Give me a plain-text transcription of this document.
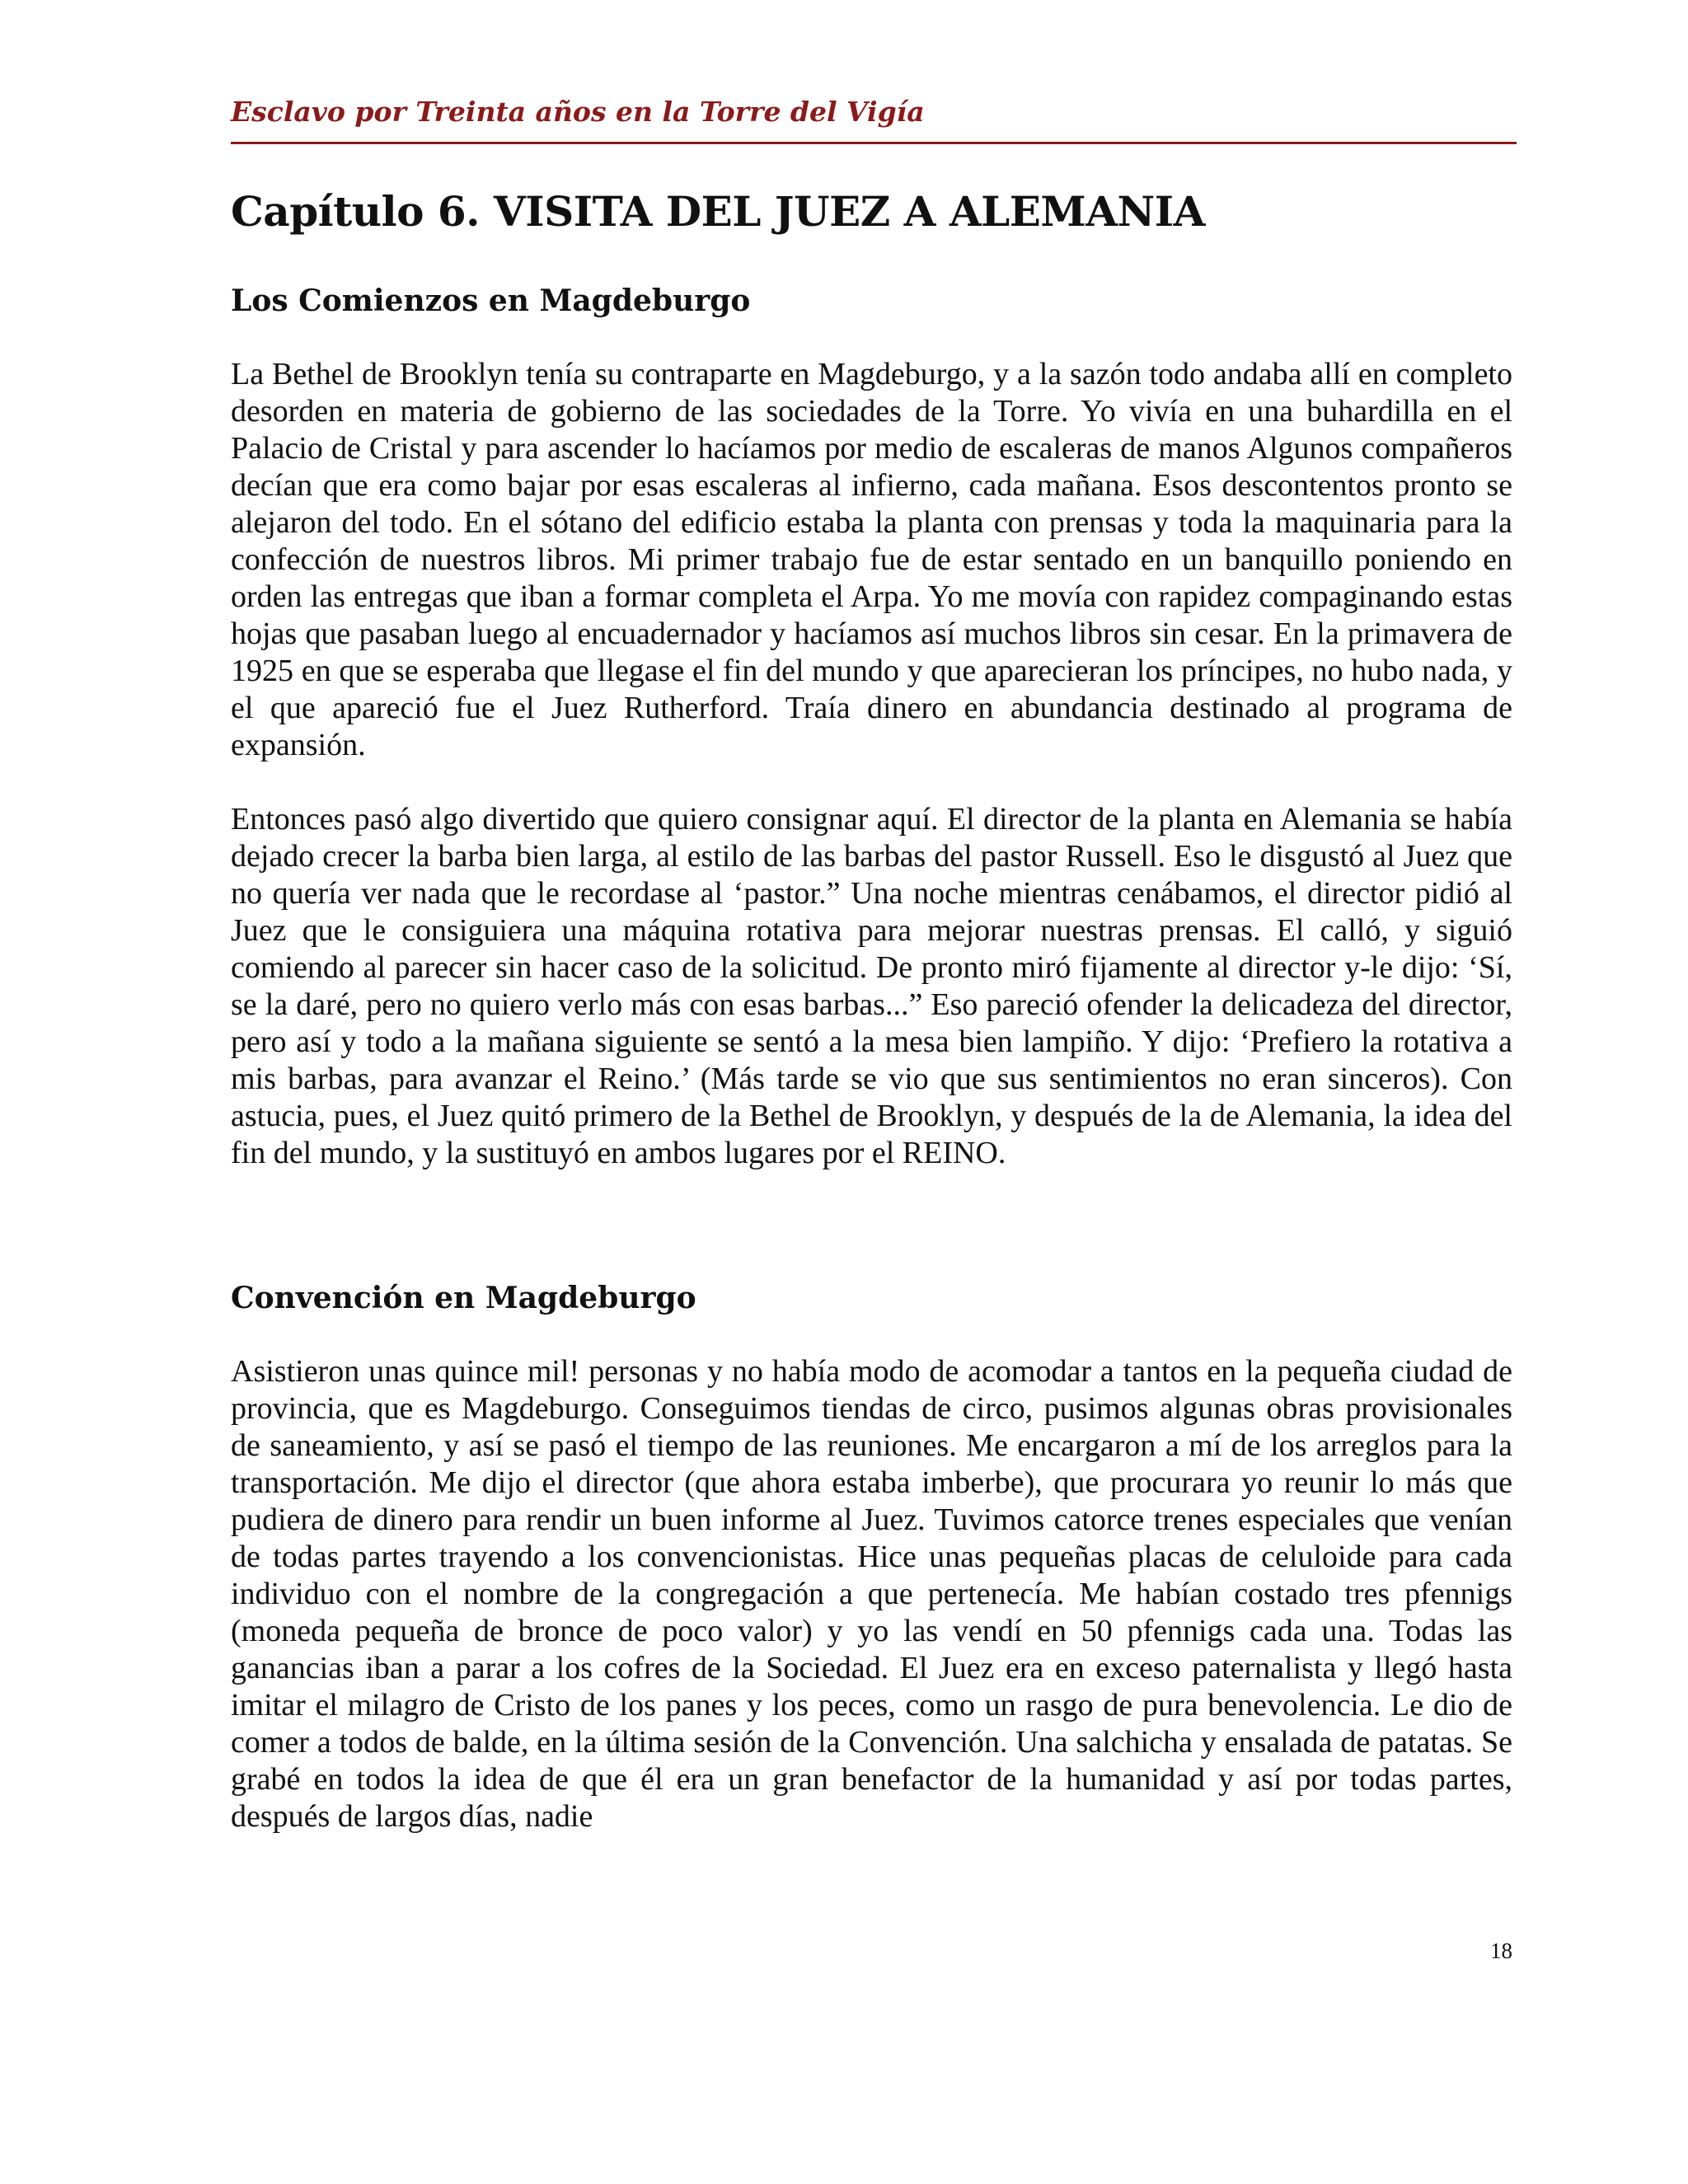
Esclavo por Treinta años en la Torre del Vigía
Capítulo 6. VISITA DEL JUEZ A ALEMANIA
Los Comienzos en Magdeburgo

La Bethel de Brooklyn tenía su contraparte en Magdeburgo, y a la sazón todo andaba allí en completo desorden en materia de gobierno de las sociedades de la Torre. Yo vivía en una buhardilla en el Palacio de Cristal y para ascender lo hacíamos por medio de escaleras de manos Algunos compañeros decían que era como bajar por esas escaleras al infierno, cada mañana. Esos descontentos pronto se alejaron del todo. En el sótano del edificio estaba la planta con prensas y toda la maquinaria para la confección de nuestros libros. Mi primer trabajo fue de estar sentado en un banquillo poniendo en orden las entregas que iban a formar completa el Arpa. Yo me movía con rapidez compaginando estas hojas que pasaban luego al encuadernador y hacíamos así muchos libros sin cesar. En la primavera de 1925 en que se esperaba que llegase el fin del mundo y que aparecieran los príncipes, no hubo nada, y el que apareció fue el Juez Rutherford. Traía dinero en abundancia destinado al programa de expansión.

Entonces pasó algo divertido que quiero consignar aquí. El director de la planta en Alemania se había dejado crecer la barba bien larga, al estilo de las barbas del pastor Russell. Eso le disgustó al Juez que no quería ver nada que le recordase al ‘pastor.” Una noche mientras cenábamos, el director pidió al Juez que le consiguiera una máquina rotativa para mejorar nuestras prensas. El calló, y siguió comiendo al parecer sin hacer caso de la solicitud. De pronto miró fijamente al director y-le dijo: ‘Sí, se la daré, pero no quiero verlo más con esas barbas...” Eso pareció ofender la delicadeza del director, pero así y todo a la mañana siguiente se sentó a la mesa bien lampiño. Y dijo: ‘Prefiero la rotativa a mis barbas, para avanzar el Reino.’ (Más tarde se vio que sus sentimientos no eran sinceros). Con astucia, pues, el Juez quitó primero de la Bethel de Brooklyn, y después de la de Alemania, la idea del fin del mundo, y la sustituyó en ambos lugares por el REINO.

Convención en Magdeburgo

Asistieron unas quince mil! personas y no había modo de acomodar a tantos en la pequeña ciudad de provincia, que es Magdeburgo. Conseguimos tiendas de circo, pusimos algunas obras provisionales de saneamiento, y así se pasó el tiempo de las reuniones. Me encargaron a mí de los arreglos para la transportación. Me dijo el director (que ahora estaba imberbe), que procurara yo reunir lo más que pudiera de dinero para rendir un buen informe al Juez. Tuvimos catorce trenes especiales que venían de todas partes trayendo a los convencionistas. Hice unas pequeñas placas de celuloide para cada individuo con el nombre de la congregación a que pertenecía. Me habían costado tres pfennigs (moneda pequeña de bronce de poco valor) y yo las vendí en 50 pfennigs cada una. Todas las ganancias iban a parar a los cofres de la Sociedad. El Juez era en exceso paternalista y llegó hasta imitar el milagro de Cristo de los panes y los peces, como un rasgo de pura benevolencia. Le dio de comer a todos de balde, en la última sesión de la Convención. Una salchicha y ensalada de patatas. Se grabé en todos la idea de que él era un gran benefactor de la humanidad y así por todas partes, después de largos días, nadie

18
